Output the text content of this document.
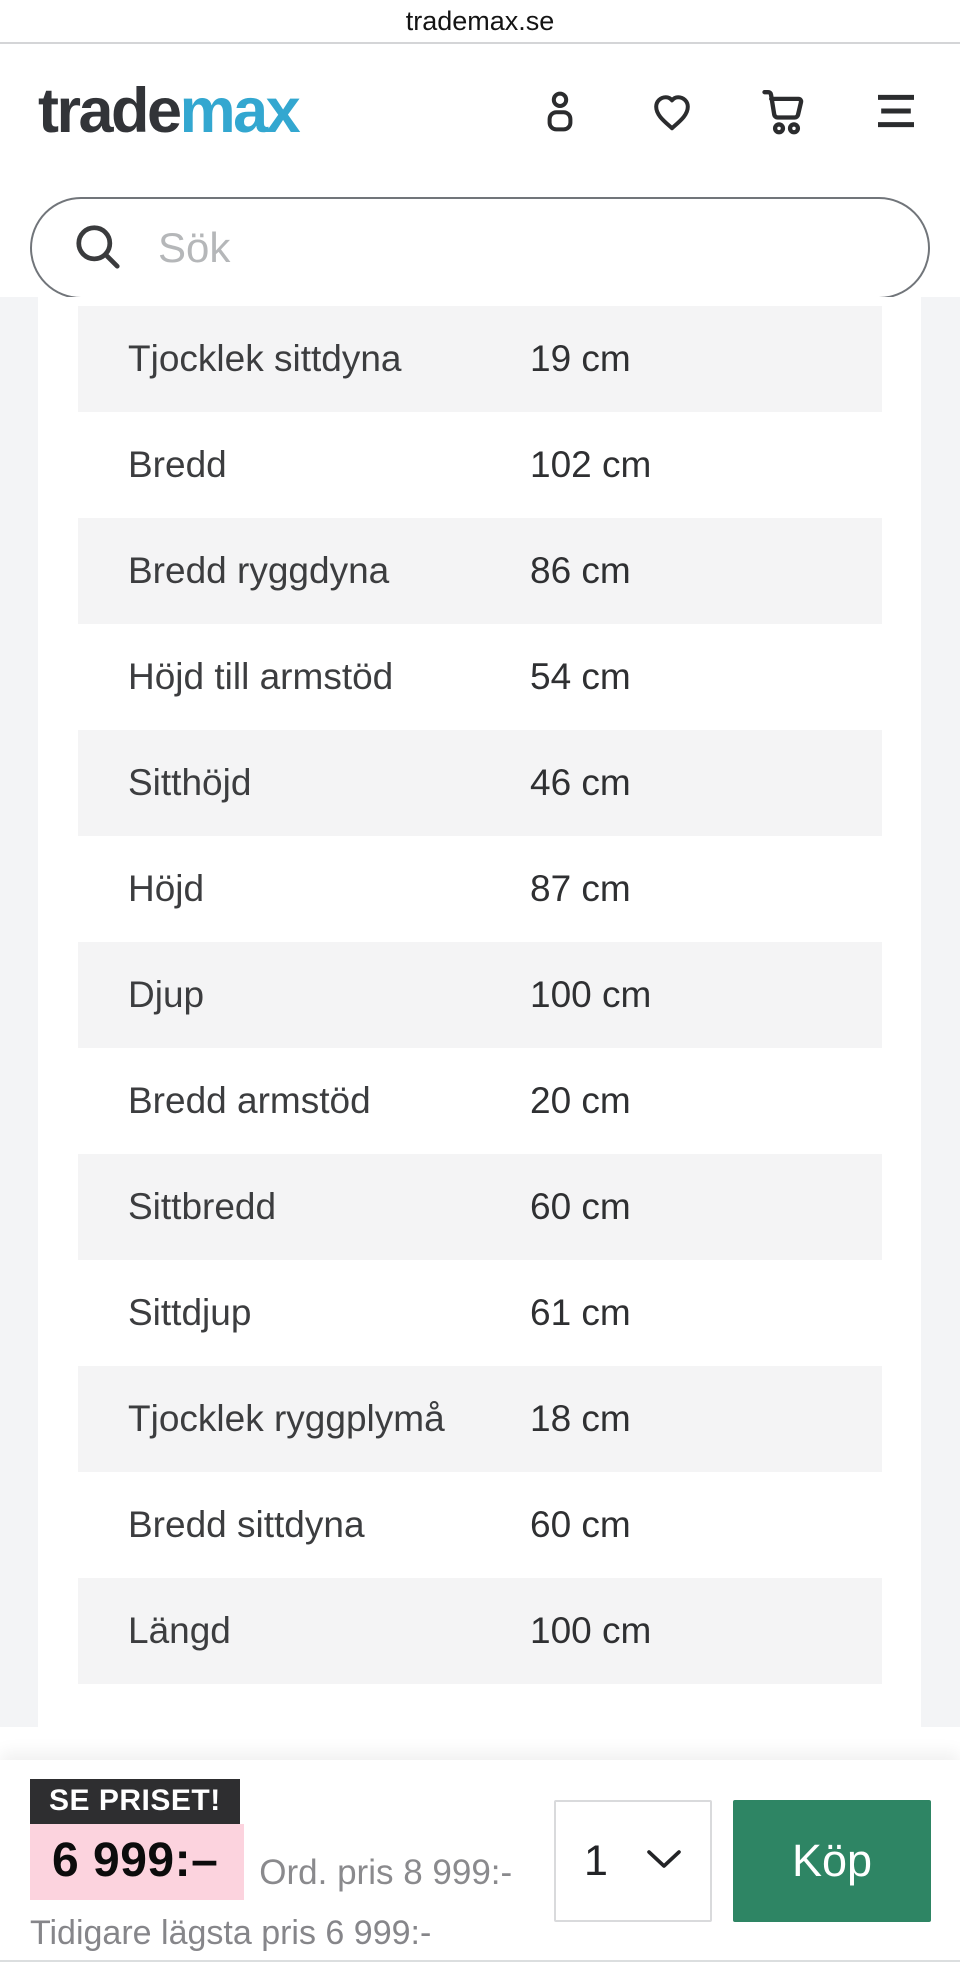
trademax.se
trademax
Sök
Tjocklek sittdyna	19 cm
Bredd	102 cm
Bredd ryggdyna	86 cm
Höjd till armstöd	54 cm
Sitthöjd	46 cm
Höjd	87 cm
Djup	100 cm
Bredd armstöd	20 cm
Sittbredd	60 cm
Sittdjup	61 cm
Tjocklek ryggplymå	18 cm
Bredd sittdyna	60 cm
Längd	100 cm
SE PRISET!
6 999:–	Ord. pris 8 999:-
Tidigare lägsta pris 6 999:-
1	Köp
